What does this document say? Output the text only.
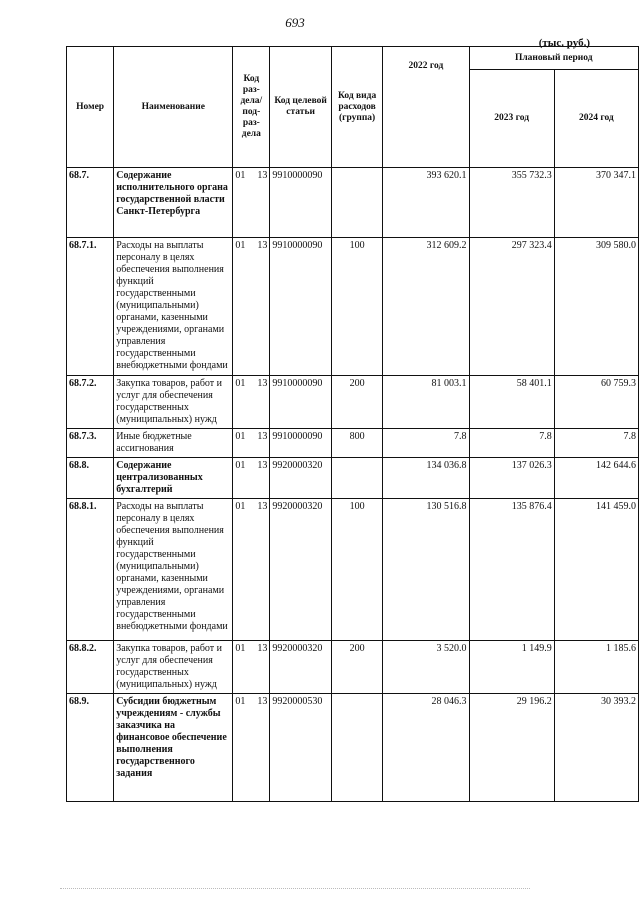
693
(тыс. руб.)
Номер	Наименование	Код раз- дела/ под- раз- дела	Код целевой статьи	Код вида расходов (группа)	2022 год	Плановый период	
						2023 год	2024 год
68.7.	Содержание исполнительного органа государственной власти Санкт-Петербурга	01 13	9910000090		393 620.1	355 732.3	370 347.1
68.7.1.	Расходы на выплаты персоналу в целях обеспечения выполнения функций государственными (муниципальными) органами, казенными учреждениями, органами управления государственными внебюджетными фондами	01 13	9910000090	100	312 609.2	297 323.4	309 580.0
68.7.2.	Закупка товаров, работ и услуг для обеспечения государственных (муниципальных) нужд	01 13	9910000090	200	81 003.1	58 401.1	60 759.3
68.7.3.	Иные бюджетные ассигнования	01 13	9910000090	800	7.8	7.8	7.8
68.8.	Содержание централизованных бухгалтерий	01 13	9920000320		134 036.8	137 026.3	142 644.6
68.8.1.	Расходы на выплаты персоналу в целях обеспечения выполнения функций государственными (муниципальными) органами, казенными учреждениями, органами управления государственными внебюджетными фондами	01 13	9920000320	100	130 516.8	135 876.4	141 459.0
68.8.2.	Закупка товаров, работ и услуг для обеспечения государственных (муниципальных) нужд	01 13	9920000320	200	3 520.0	1 149.9	1 185.6
68.9.	Субсидии бюджетным учреждениям - службы заказчика на финансовое обеспечение выполнения государственного задания	01 13	9920000530		28 046.3	29 196.2	30 393.2
